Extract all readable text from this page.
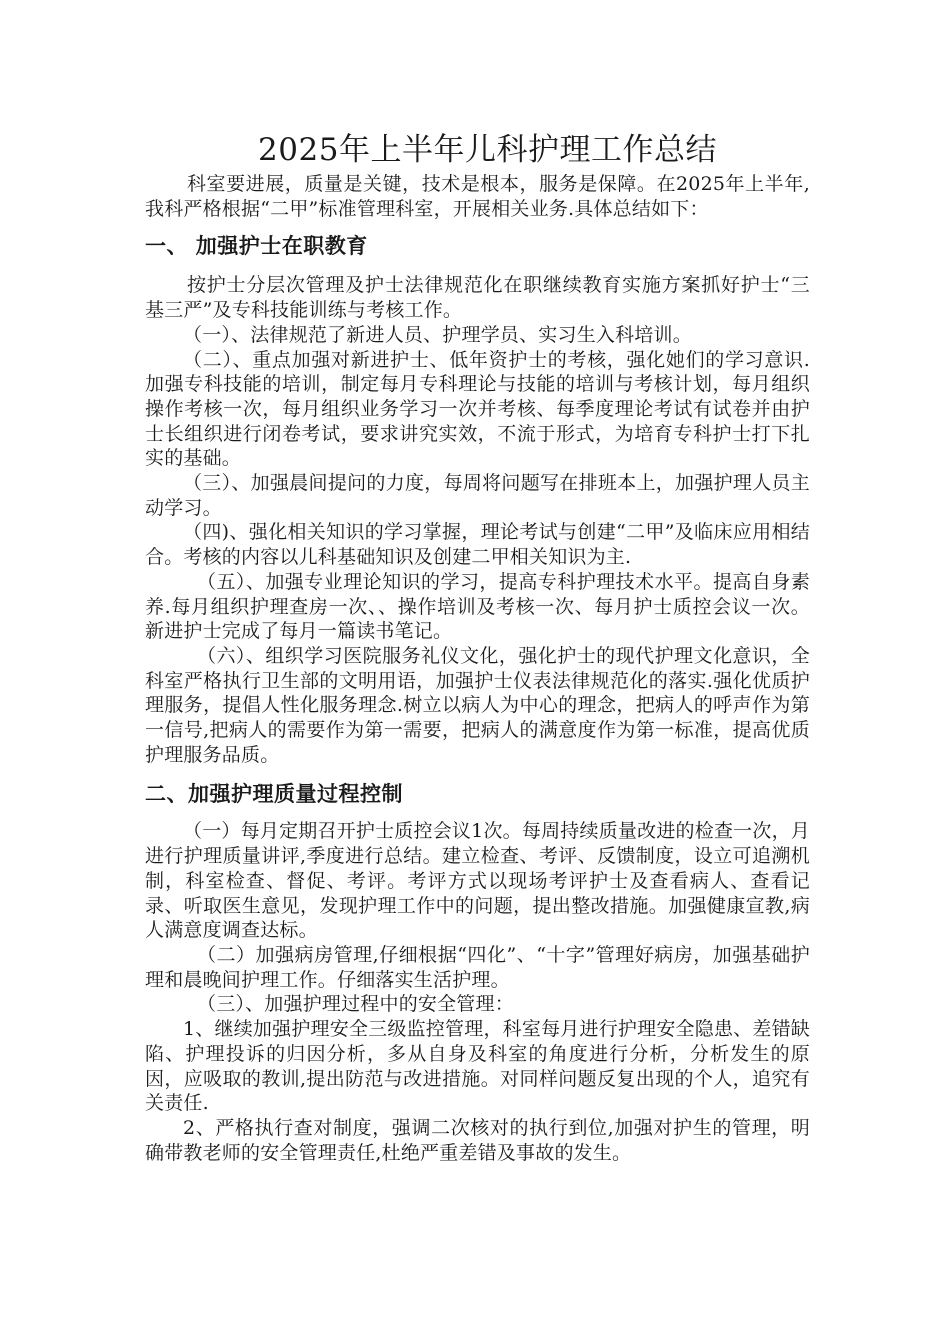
2025年上半年儿科护理工作总结

科室要进展，质量是关键，技术是根本，服务是保障。在2025年上半年,我科严格根据“二甲”标准管理科室，开展相关业务.具体总结如下：

一、 加强护士在职教育

按护士分层次管理及护士法律规范化在职继续教育实施方案抓好护士“三基三严”及专科技能训练与考核工作。

（一）、法律规范了新进人员、护理学员、实习生入科培训。

（二）、重点加强对新进护士、低年资护士的考核，强化她们的学习意识.加强专科技能的培训，制定每月专科理论与技能的培训与考核计划，每月组织操作考核一次，每月组织业务学习一次并考核、每季度理论考试有试卷并由护士长组织进行闭卷考试，要求讲究实效，不流于形式，为培育专科护士打下扎实的基础。

（三）、加强晨间提问的力度，每周将问题写在排班本上，加强护理人员主动学习。

（四)、强化相关知识的学习掌握，理论考试与创建“二甲”及临床应用相结合。考核的内容以儿科基础知识及创建二甲相关知识为主.

（五）、加强专业理论知识的学习，提高专科护理技术水平。提高自身素养.每月组织护理查房一次、、操作培训及考核一次、每月护士质控会议一次。新进护士完成了每月一篇读书笔记。

（六）、组织学习医院服务礼仪文化，强化护士的现代护理文化意识，全科室严格执行卫生部的文明用语，加强护士仪表法律规范化的落实.强化优质护理服务，提倡人性化服务理念.树立以病人为中心的理念，把病人的呼声作为第一信号,把病人的需要作为第一需要，把病人的满意度作为第一标准，提高优质护理服务品质。

二、加强护理质量过程控制

（一）每月定期召开护士质控会议1次。每周持续质量改进的检查一次，月进行护理质量讲评,季度进行总结。建立检查、考评、反馈制度，设立可追溯机制，科室检查、督促、考评。考评方式以现场考评护士及查看病人、查看记录、听取医生意见，发现护理工作中的问题，提出整改措施。加强健康宣教,病人满意度调查达标。

（二）加强病房管理,仔细根据“四化”、“十字”管理好病房，加强基础护理和晨晚间护理工作。仔细落实生活护理。

（三）、加强护理过程中的安全管理：

1、继续加强护理安全三级监控管理，科室每月进行护理安全隐患、差错缺陷、护理投诉的归因分析，多从自身及科室的角度进行分析，分析发生的原因，应吸取的教训,提出防范与改进措施。对同样问题反复出现的个人，追究有关责任.

2、严格执行查对制度，强调二次核对的执行到位,加强对护生的管理，明确带教老师的安全管理责任,杜绝严重差错及事故的发生。
